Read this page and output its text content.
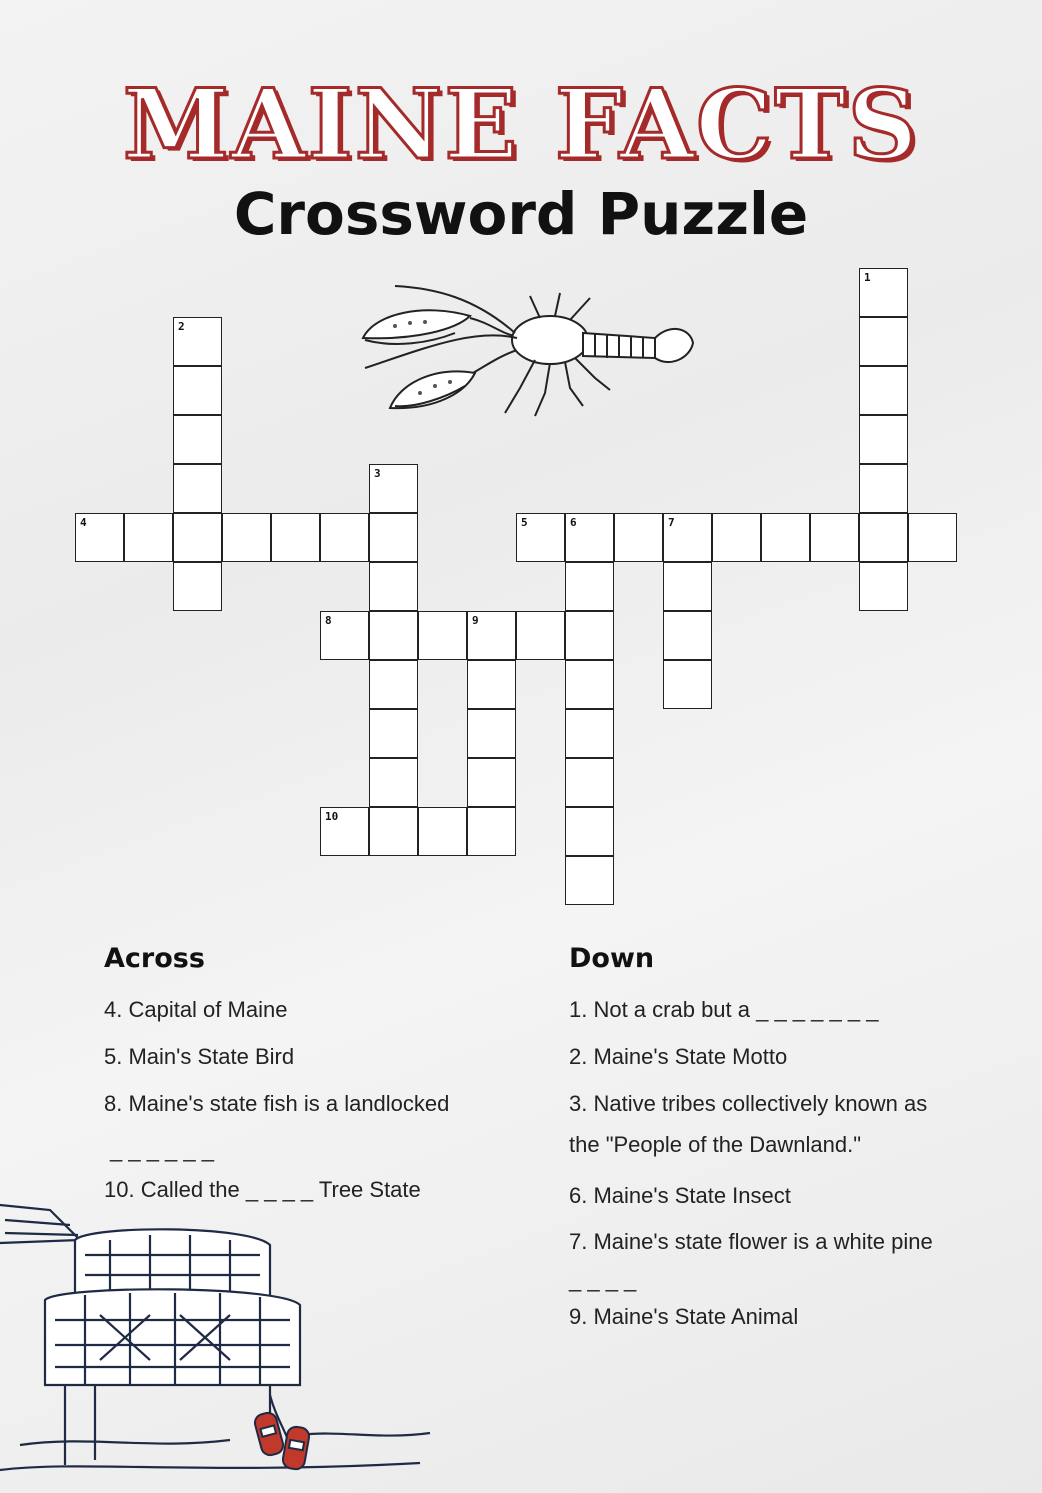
MAINE FACTS
Crossword Puzzle
4	5	6	7
8	9
10
1
2
3
Across
4. Capital of Maine
5. Main's State Bird
8. Maine's state fish is a landlocked
_ _ _ _ _ _
10. Called the _ _ _ _ Tree State
Down
1. Not a crab but a _ _ _ _ _ _ _
2. Maine's State Motto
3. Native tribes collectively known as
the "People of the Dawnland."
6. Maine's State Insect
7. Maine's state flower is a white pine
_ _ _ _
9. Maine's State Animal
